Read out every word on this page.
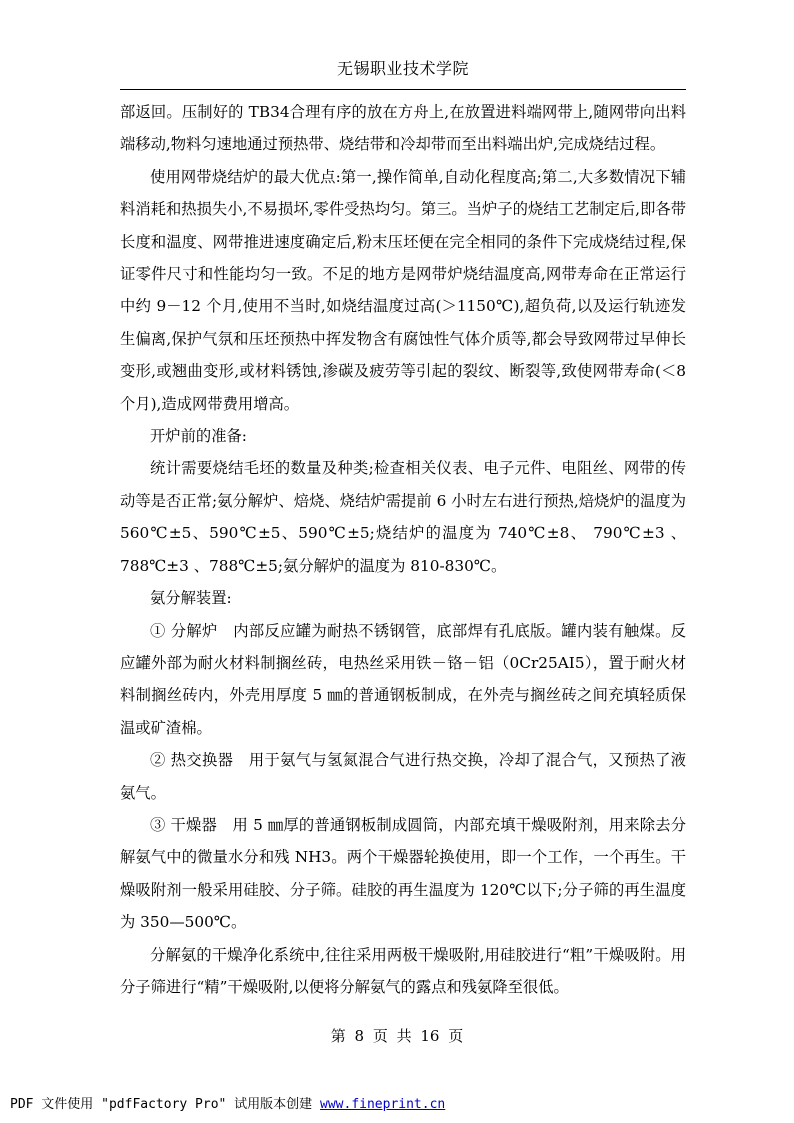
无锡职业技术学院

部返回。压制好的 TB34合理有序的放在方舟上,在放置进料端网带上,随网带向出料端移动,物料匀速地通过预热带、烧结带和冷却带而至出料端出炉,完成烧结过程。

使用网带烧结炉的最大优点:第一,操作简单,自动化程度高;第二,大多数情况下辅料消耗和热损失小,不易损坏,零件受热均匀。第三。当炉子的烧结工艺制定后,即各带长度和温度、网带推进速度确定后,粉末压坯便在完全相同的条件下完成烧结过程,保证零件尺寸和性能均匀一致。不足的地方是网带炉烧结温度高,网带寿命在正常运行中约 9－12 个月,使用不当时,如烧结温度过高(＞1150℃),超负荷,以及运行轨迹发生偏离,保护气氛和压坯预热中挥发物含有腐蚀性气体介质等,都会导致网带过早伸长变形,或翘曲变形,或材料锈蚀,渗碳及疲劳等引起的裂纹、断裂等,致使网带寿命(＜8 个月),造成网带费用增高。

开炉前的准备:

统计需要烧结毛坯的数量及种类;检查相关仪表、电子元件、电阻丝、网带的传动等是否正常;氨分解炉、焙烧、烧结炉需提前 6 小时左右进行预热,焙烧炉的温度为 560℃±5、590℃±5、590℃±5;烧结炉的温度为 740℃±8、 790℃±3 、788℃±3 、788℃±5;氨分解炉的温度为 810-830℃。

氨分解装置:

① 分解炉　内部反应罐为耐热不锈钢管，底部焊有孔底版。罐内装有触煤。反应罐外部为耐火材料制搁丝砖，电热丝采用铁－铬－铝（0Cr25AI5），置于耐火材料制搁丝砖内，外壳用厚度 5 ㎜的普通钢板制成，在外壳与搁丝砖之间充填轻质保温或矿渣棉。

② 热交换器　用于氨气与氢氮混合气进行热交换，冷却了混合气，又预热了液氨气。

③ 干燥器　用 5 ㎜厚的普通钢板制成圆筒，内部充填干燥吸附剂，用来除去分解氨气中的微量水分和残 NH3。两个干燥器轮换使用，即一个工作，一个再生。干燥吸附剂一般采用硅胶、分子筛。硅胶的再生温度为 120℃以下;分子筛的再生温度为 350—500℃。

分解氨的干燥净化系统中,往往采用两极干燥吸附,用硅胶进行“粗”干燥吸附。用分子筛进行“精”干燥吸附,以便将分解氨气的露点和残氨降至很低。

第 8 页 共 16 页
PDF 文件使用 "pdfFactory Pro" 试用版本创建 www.fineprint.cn
